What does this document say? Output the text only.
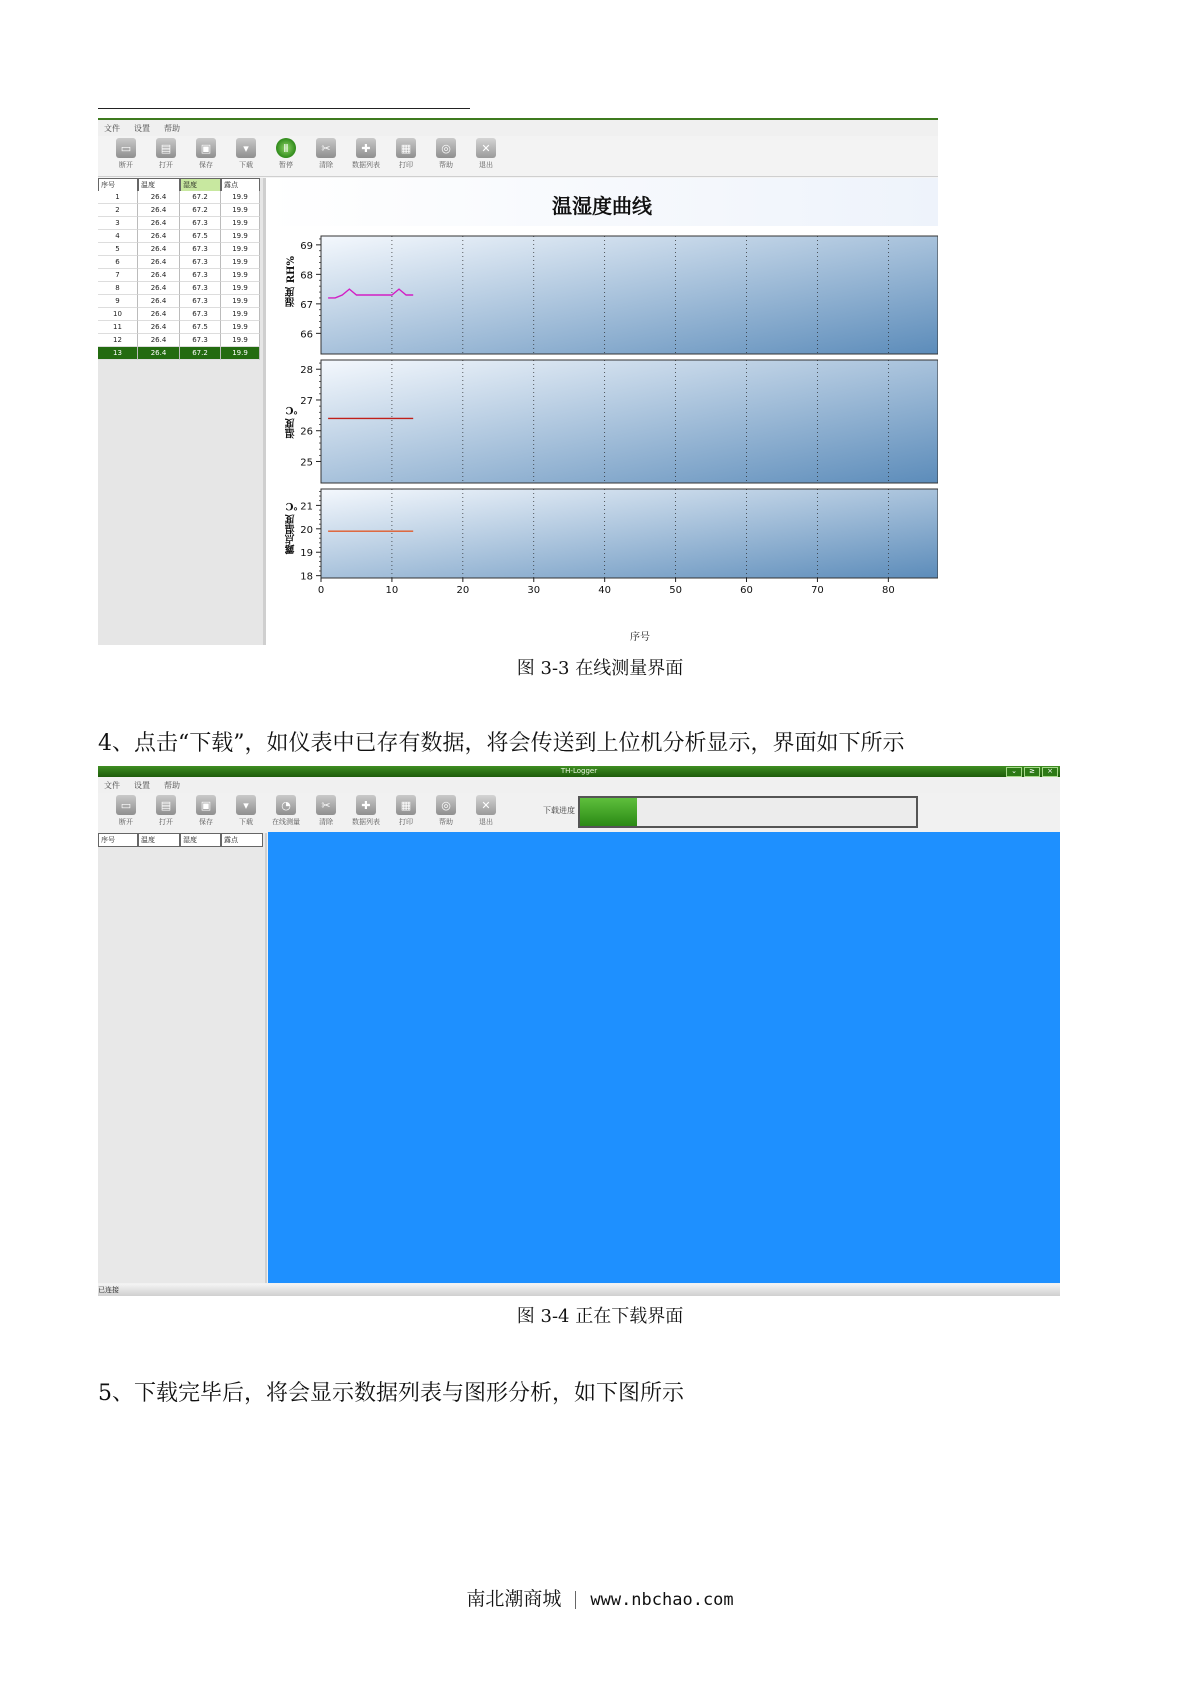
文件 设置 帮助
▭
断开
▤
打开
▣
保存
▾
下载
Ⅱ
暂停
✂
清除
✚
数据列表
▦
打印
◎
帮助
✕
退出
序号	温度	湿度	露点
1	26.4	67.2	19.9
2	26.4	67.2	19.9
3	26.4	67.3	19.9
4	26.4	67.5	19.9
5	26.4	67.3	19.9
6	26.4	67.3	19.9
7	26.4	67.3	19.9
8	26.4	67.3	19.9
9	26.4	67.3	19.9
10	26.4	67.3	19.9
11	26.4	67.5	19.9
12	26.4	67.3	19.9
13	26.4	67.2	19.9
温湿度曲线
66
67
68
69
25
26
27
28
18
19
20
21
0	10	20	30	40	50	60	70	80
湿度 RH%
温度 ℃
露点温度 ℃
序号
图 3-3 在线测量界面
4、点击“下载”，如仪表中已存有数据，将会传送到上位机分析显示，界面如下所示
TH-Logger	⌄	≥	×
文件 设置 帮助
▭
断开
▤
打开
▣
保存
▾
下载
◔
在线测量
✂
清除
✚
数据列表
▦
打印
◎
帮助
✕
退出
下载进度
序号	温度	湿度	露点
已连接
图 3-4 正在下载界面
5、下载完毕后，将会显示数据列表与图形分析，如下图所示
南北潮商城 www.nbchao.com
